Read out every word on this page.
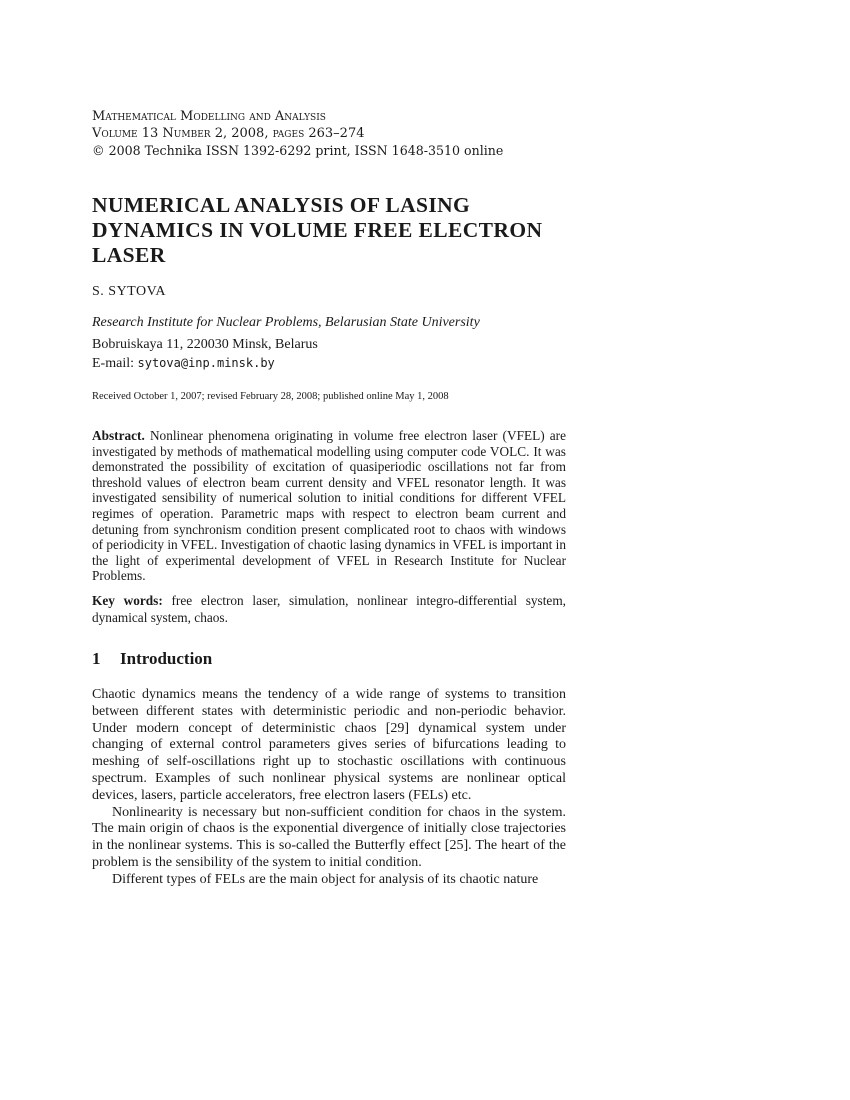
Mathematical Modelling and Analysis

Volume 13 Number 2, 2008, pages 263–274

© 2008 Technika ISSN 1392-6292 print, ISSN 1648-3510 online

NUMERICAL ANALYSIS OF LASING DYNAMICS IN VOLUME FREE ELECTRON LASER

S. SYTOVA

Research Institute for Nuclear Problems, Belarusian State University

Bobruiskaya 11, 220030 Minsk, Belarus

E-mail: sytova@inp.minsk.by

Received October 1, 2007; revised February 28, 2008; published online May 1, 2008

Abstract. Nonlinear phenomena originating in volume free electron laser (VFEL) are investigated by methods of mathematical modelling using computer code VOLC. It was demonstrated the possibility of excitation of quasiperiodic oscillations not far from threshold values of electron beam current density and VFEL resonator length. It was investigated sensibility of numerical solution to initial conditions for different VFEL regimes of operation. Parametric maps with respect to electron beam current and detuning from synchronism condition present complicated root to chaos with windows of periodicity in VFEL. Investigation of chaotic lasing dynamics in VFEL is important in the light of experimental development of VFEL in Research Institute for Nuclear Problems.

Key words: free electron laser, simulation, nonlinear integro-differential system, dynamical system, chaos.

1 Introduction

Chaotic dynamics means the tendency of a wide range of systems to transition between different states with deterministic periodic and non-periodic behavior. Under modern concept of deterministic chaos [29] dynamical system under changing of external control parameters gives series of bifurcations leading to meshing of self-oscillations right up to stochastic oscillations with continuous spectrum. Examples of such nonlinear physical systems are nonlinear optical devices, lasers, particle accelerators, free electron lasers (FELs) etc.

Nonlinearity is necessary but non-sufficient condition for chaos in the system. The main origin of chaos is the exponential divergence of initially close trajectories in the nonlinear systems. This is so-called the Butterfly effect [25]. The heart of the problem is the sensibility of the system to initial condition.

Different types of FELs are the main object for analysis of its chaotic nature
